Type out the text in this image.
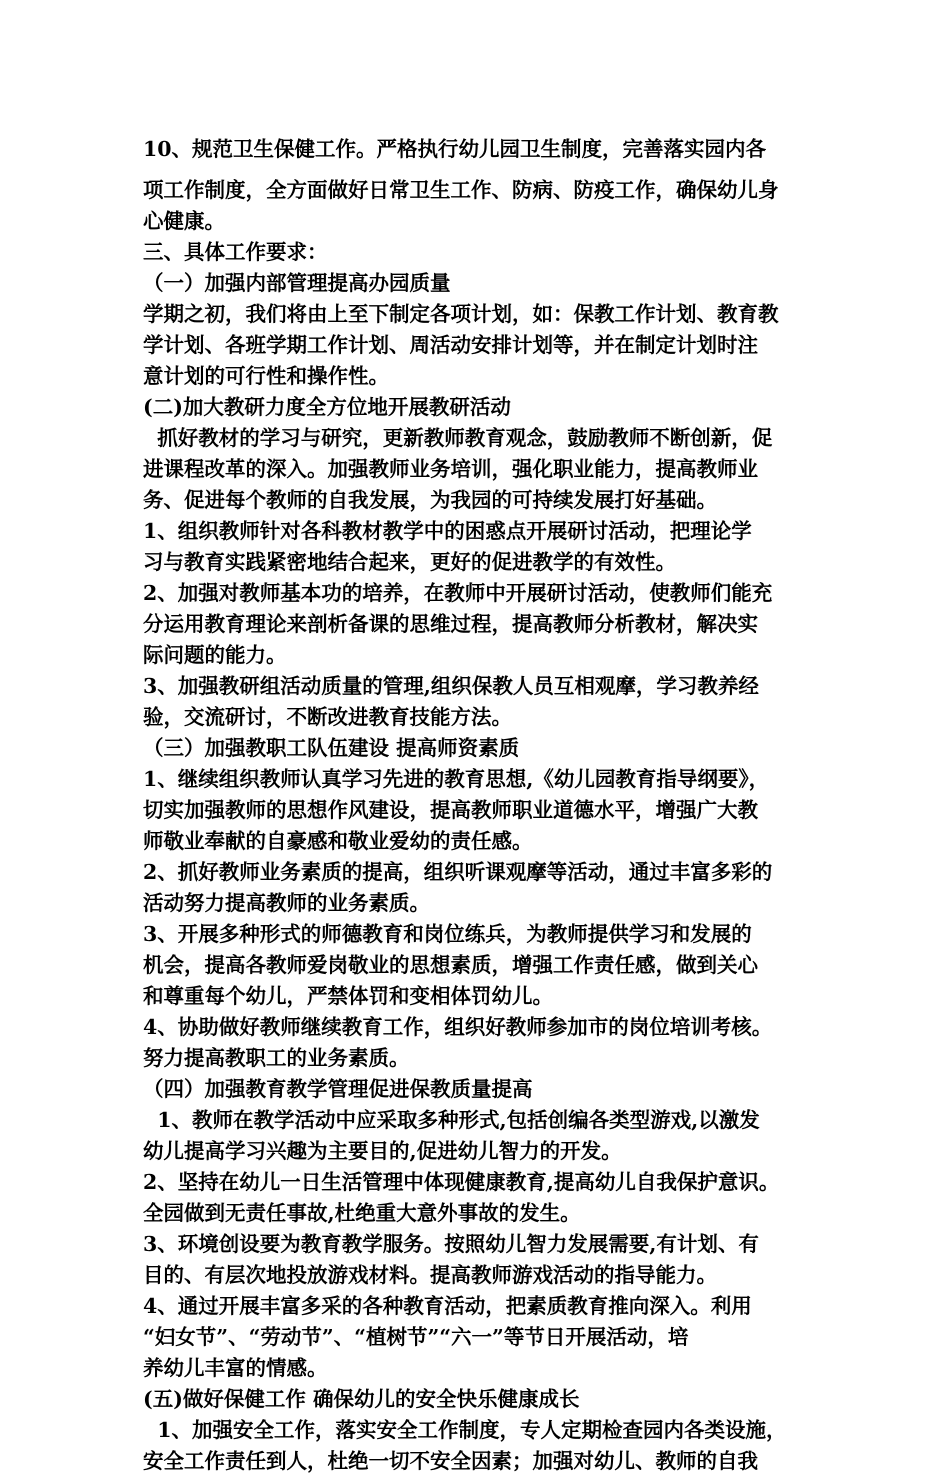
10、规范卫生保健工作。严格执行幼儿园卫生制度，完善落实园内各
项工作制度，全方面做好日常卫生工作、防病、防疫工作，确保幼儿身
心健康。
三、具体工作要求：
（一）加强内部管理提高办园质量
学期之初，我们将由上至下制定各项计划，如：保教工作计划、教育教
学计划、各班学期工作计划、周活动安排计划等，并在制定计划时注
意计划的可行性和操作性。
(二)加大教研力度全方位地开展教研活动
抓好教材的学习与研究，更新教师教育观念，鼓励教师不断创新，促
进课程改革的深入。加强教师业务培训，强化职业能力，提高教师业
务、促进每个教师的自我发展，为我园的可持续发展打好基础。
1、组织教师针对各科教材教学中的困惑点开展研讨活动，把理论学
习与教育实践紧密地结合起来，更好的促进教学的有效性。
2、加强对教师基本功的培养，在教师中开展研讨活动，使教师们能充
分运用教育理论来剖析备课的思维过程，提高教师分析教材，解决实
际问题的能力。
3、加强教研组活动质量的管理,组织保教人员互相观摩，学习教养经
验，交流研讨，不断改进教育技能方法。
（三）加强教职工队伍建设 提高师资素质
1、继续组织教师认真学习先进的教育思想,《幼儿园教育指导纲要》，
切实加强教师的思想作风建设，提高教师职业道德水平，增强广大教
师敬业奉献的自豪感和敬业爱幼的责任感。
2、抓好教师业务素质的提高，组织听课观摩等活动，通过丰富多彩的
活动努力提高教师的业务素质。
3、开展多种形式的师德教育和岗位练兵，为教师提供学习和发展的
机会，提高各教师爱岗敬业的思想素质，增强工作责任感，做到关心
和尊重每个幼儿，严禁体罚和变相体罚幼儿。
4、协助做好教师继续教育工作，组织好教师参加市的岗位培训考核。
努力提高教职工的业务素质。
（四）加强教育教学管理促进保教质量提高
1、教师在教学活动中应采取多种形式,包括创编各类型游戏,以激发
幼儿提高学习兴趣为主要目的,促进幼儿智力的开发。
2、坚持在幼儿一日生活管理中体现健康教育,提高幼儿自我保护意识。
全园做到无责任事故,杜绝重大意外事故的发生。
3、环境创设要为教育教学服务。按照幼儿智力发展需要,有计划、有
目的、有层次地投放游戏材料。提高教师游戏活动的指导能力。
4、通过开展丰富多采的各种教育活动，把素质教育推向深入。利用
“妇女节”、“劳动节”、“植树节”“六一”等节日开展活动，培
养幼儿丰富的情感。
(五)做好保健工作 确保幼儿的安全快乐健康成长
1、加强安全工作，落实安全工作制度，专人定期检查园内各类设施，
安全工作责任到人，杜绝一切不安全因素；加强对幼儿、教师的自我
